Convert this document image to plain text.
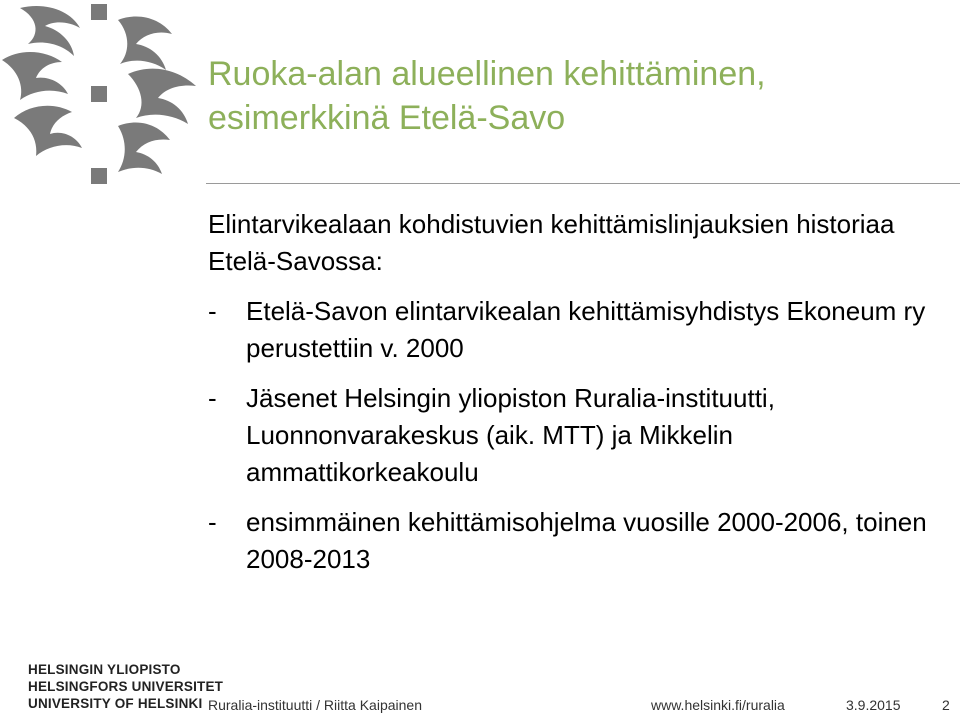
Ruoka-alan alueellinen kehittäminen, esimerkkinä Etelä-Savo

Elintarvikealaan kohdistuvien kehittämislinjauksien historiaa Etelä-Savossa:

- Etelä-Savon elintarvikealan kehittämisyhdistys Ekoneum ry perustettiin v. 2000
- Jäsenet Helsingin yliopiston Ruralia-instituutti, Luonnonvarakeskus (aik. MTT) ja Mikkelin ammattikorkeakoulu
- ensimmäinen kehittämisohjelma vuosille 2000-2006, toinen 2008-2013
HELSINGIN YLIOPISTO
HELSINGFORS UNIVERSITET
UNIVERSITY OF HELSINKI Ruralia-instituutti / Riitta Kaipainen	www.helsinki.fi/ruralia	3.9.2015	2
